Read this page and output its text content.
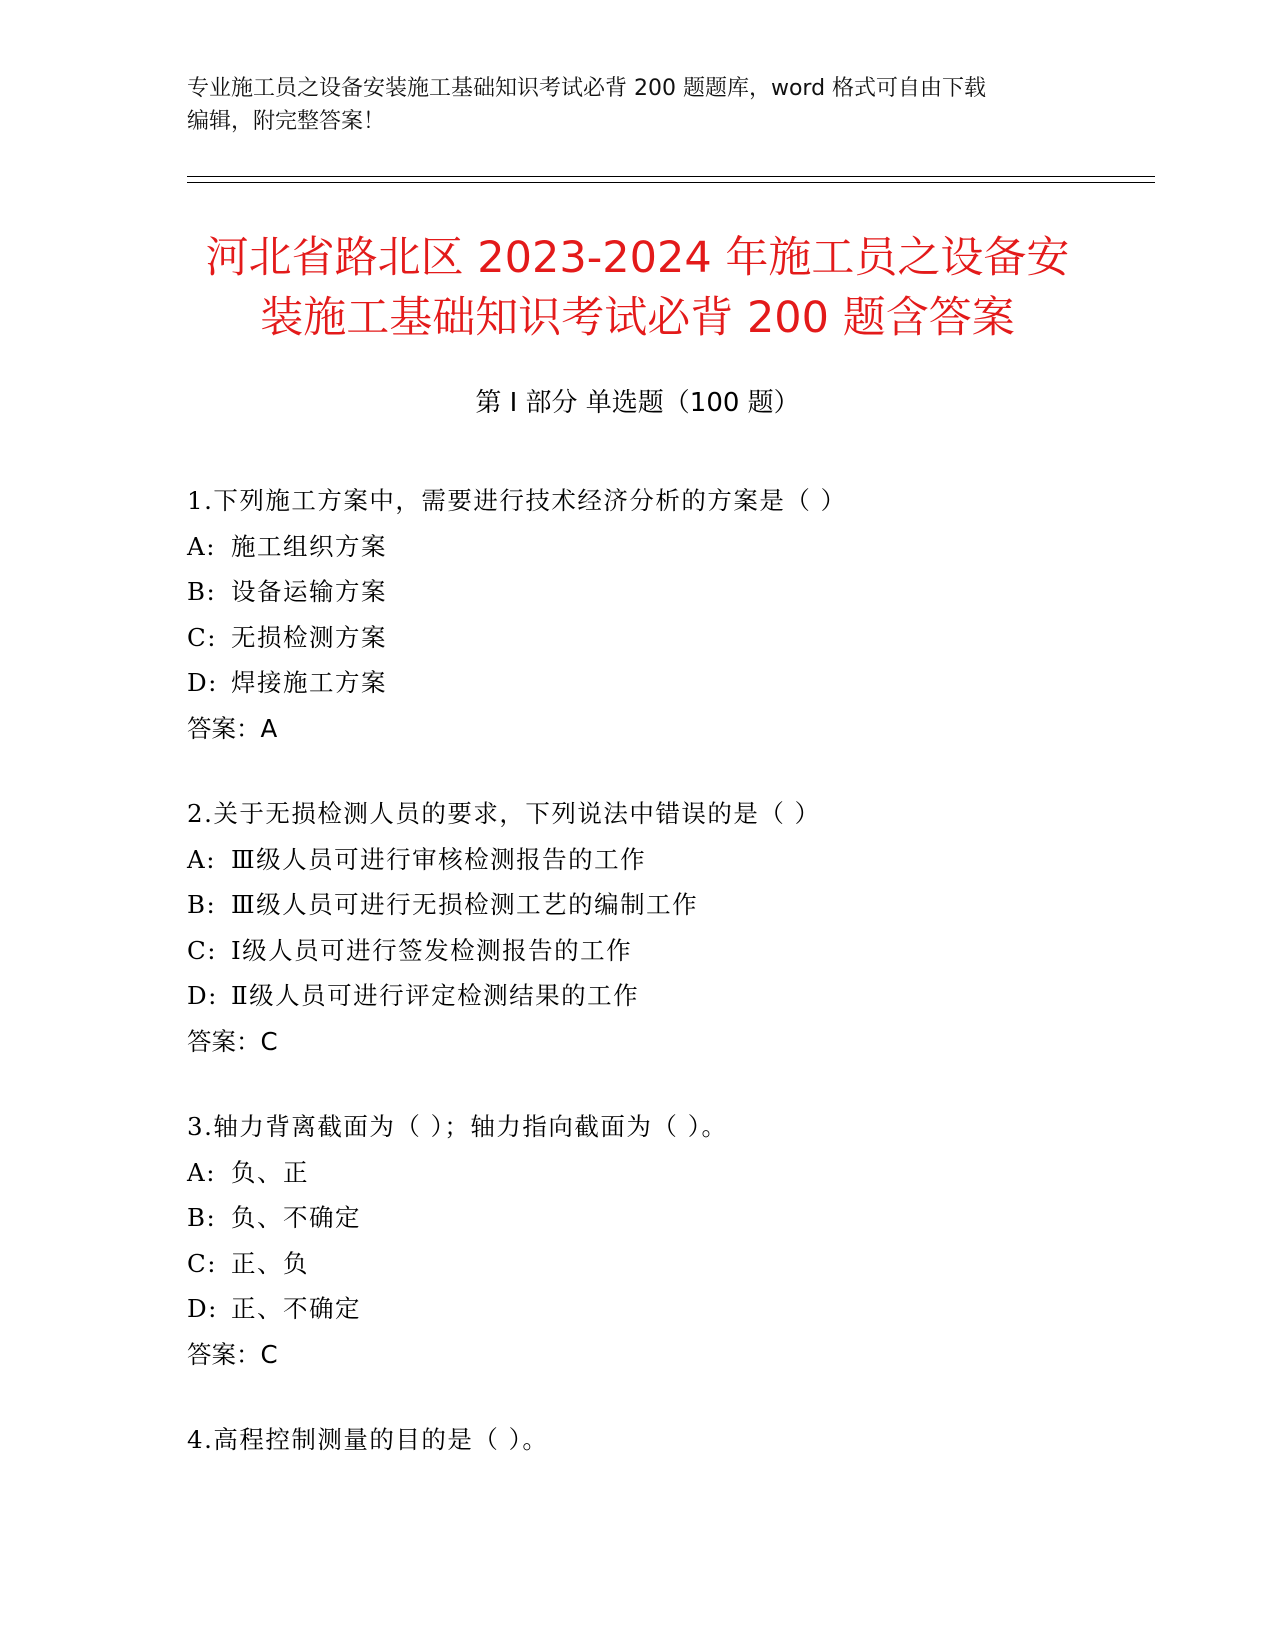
专业施工员之设备安装施工基础知识考试必背 200 题题库，word 格式可自由下载
编辑，附完整答案！
河北省路北区 2023-2024 年施工员之设备安
装施工基础知识考试必背 200 题含答案
第 I 部分 单选题（100 题）
1.下列施工方案中，需要进行技术经济分析的方案是（ ）
A: 施工组织方案
B: 设备运输方案
C: 无损检测方案
D: 焊接施工方案
答案：A
2.关于无损检测人员的要求，下列说法中错误的是（ ）
A: Ⅲ级人员可进行审核检测报告的工作
B: Ⅲ级人员可进行无损检测工艺的编制工作
C: Ⅰ级人员可进行签发检测报告的工作
D: Ⅱ级人员可进行评定检测结果的工作
答案：C
3.轴力背离截面为（ ）；轴力指向截面为（ ）。
A: 负、正
B: 负、不确定
C: 正、负
D: 正、不确定
答案：C
4.高程控制测量的目的是（ ）。
